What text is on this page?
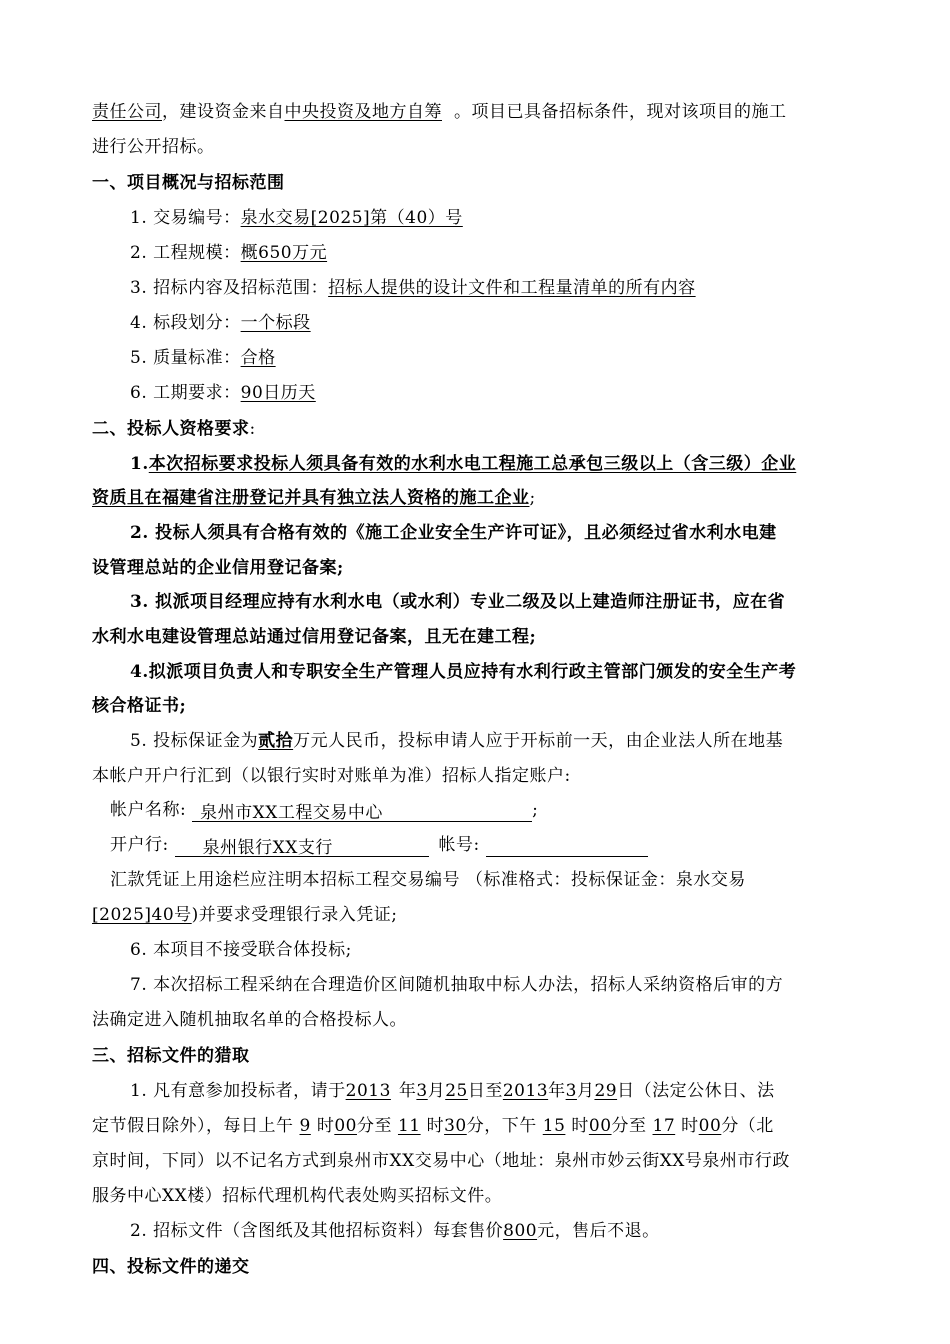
责任公司，建设资金来自中央投资及地方自筹 。项目已具备招标条件，现对该项目的施工
进行公开招标。
一、项目概况与招标范围
1. 交易编号：泉水交易[2025]第（40）号
2. 工程规模：概650万元
3. 招标内容及招标范围：招标人提供的设计文件和工程量清单的所有内容
4. 标段划分：一个标段
5. 质量标准：合格
6. 工期要求：90日历天
二、投标人资格要求:
1.本次招标要求投标人须具备有效的水利水电工程施工总承包三级以上（含三级）企业
资质且在福建省注册登记并具有独立法人资格的施工企业;
2. 投标人须具有合格有效的《施工企业安全生产许可证》，且必须经过省水利水电建
设管理总站的企业信用登记备案;
3. 拟派项目经理应持有水利水电（或水利）专业二级及以上建造师注册证书，应在省
水利水电建设管理总站通过信用登记备案，且无在建工程;
4.拟派项目负责人和专职安全生产管理人员应持有水利行政主管部门颁发的安全生产考
核合格证书;
5. 投标保证金为贰拾万元人民币，投标申请人应于开标前一天，由企业法人所在地基
本帐户开户行汇到（以银行实时对账单为准）招标人指定账户:
帐户名称: 泉州市XX工程交易中心	;
开户行: 泉州银行XX支行	帐号:
汇款凭证上用途栏应注明本招标工程交易编号 （标准格式：投标保证金：泉水交易
[2025]40号)并要求受理银行录入凭证;
6. 本项目不接受联合体投标;
7. 本次招标工程采纳在合理造价区间随机抽取中标人办法，招标人采纳资格后审的方
法确定进入随机抽取名单的合格投标人。
三、招标文件的猎取
1. 凡有意参加投标者，请于2013 年3月25日至2013年3月29日（法定公休日、法
定节假日除外），每日上午 9 时00分至 11 时30分，下午 15 时00分至 17 时00分（北
京时间，下同）以不记名方式到泉州市XX交易中心（地址：泉州市妙云街XX号泉州市行政
服务中心XX楼）招标代理机构代表处购买招标文件。
2. 招标文件（含图纸及其他招标资料）每套售价800元，售后不退。
四、投标文件的递交
